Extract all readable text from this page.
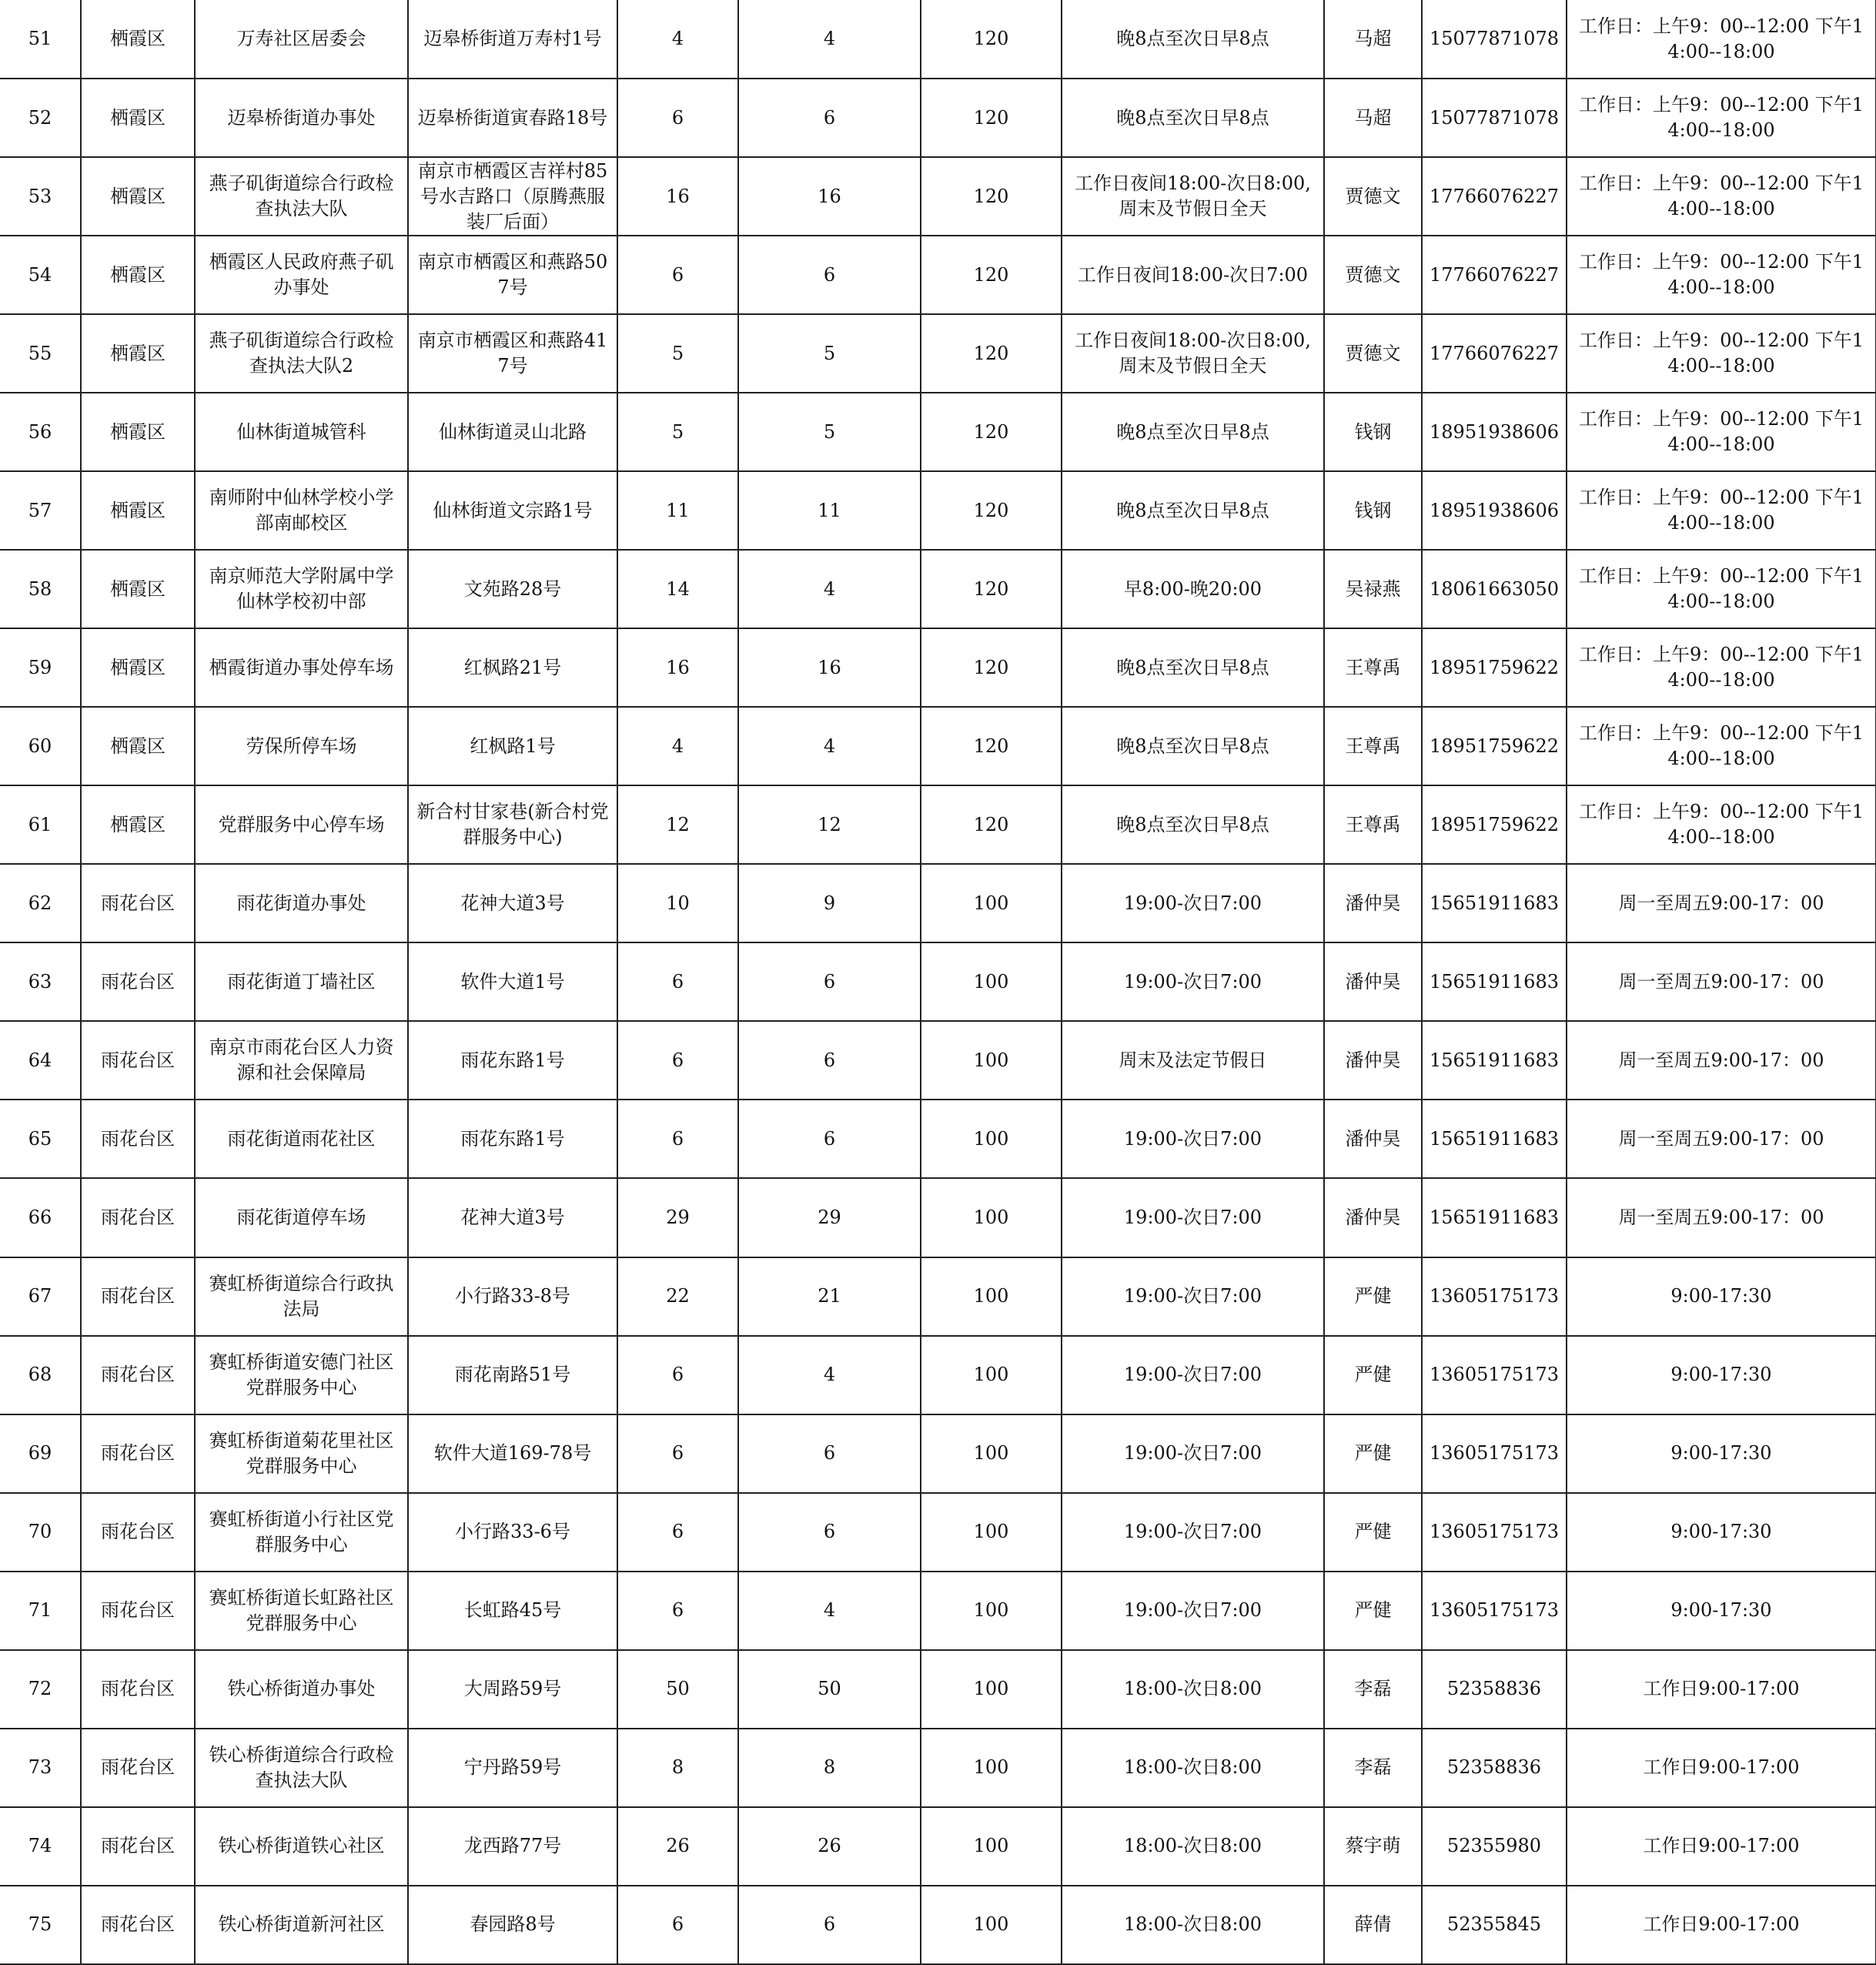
51	栖霞区	万寿社区居委会	迈皋桥街道万寿村1号	4	4	120	晚8点至次日早8点	马超	15077871078	工作日：上午9：00--12:00 下午14:00--18:00
52	栖霞区	迈皋桥街道办事处	迈皋桥街道寅春路18号	6	6	120	晚8点至次日早8点	马超	15077871078	工作日：上午9：00--12:00 下午14:00--18:00
53	栖霞区	燕子矶街道综合行政检查执法大队	南京市栖霞区吉祥村85号水吉路口（原腾燕服装厂后面）	16	16	120	工作日夜间18:00-次日8:00,周末及节假日全天	贾德文	17766076227	工作日：上午9：00--12:00 下午14:00--18:00
54	栖霞区	栖霞区人民政府燕子矶办事处	南京市栖霞区和燕路507号	6	6	120	工作日夜间18:00-次日7:00	贾德文	17766076227	工作日：上午9：00--12:00 下午14:00--18:00
55	栖霞区	燕子矶街道综合行政检查执法大队2	南京市栖霞区和燕路417号	5	5	120	工作日夜间18:00-次日8:00,周末及节假日全天	贾德文	17766076227	工作日：上午9：00--12:00 下午14:00--18:00
56	栖霞区	仙林街道城管科	仙林街道灵山北路	5	5	120	晚8点至次日早8点	钱钢	18951938606	工作日：上午9：00--12:00 下午14:00--18:00
57	栖霞区	南师附中仙林学校小学部南邮校区	仙林街道文宗路1号	11	11	120	晚8点至次日早8点	钱钢	18951938606	工作日：上午9：00--12:00 下午14:00--18:00
58	栖霞区	南京师范大学附属中学仙林学校初中部	文苑路28号	14	4	120	早8:00-晚20:00	吴禄燕	18061663050	工作日：上午9：00--12:00 下午14:00--18:00
59	栖霞区	栖霞街道办事处停车场	红枫路21号	16	16	120	晚8点至次日早8点	王尊禹	18951759622	工作日：上午9：00--12:00 下午14:00--18:00
60	栖霞区	劳保所停车场	红枫路1号	4	4	120	晚8点至次日早8点	王尊禹	18951759622	工作日：上午9：00--12:00 下午14:00--18:00
61	栖霞区	党群服务中心停车场	新合村甘家巷(新合村党群服务中心)	12	12	120	晚8点至次日早8点	王尊禹	18951759622	工作日：上午9：00--12:00 下午14:00--18:00
62	雨花台区	雨花街道办事处	花神大道3号	10	9	100	19:00-次日7:00	潘仲昊	15651911683	周一至周五9:00-17：00
63	雨花台区	雨花街道丁墙社区	软件大道1号	6	6	100	19:00-次日7:00	潘仲昊	15651911683	周一至周五9:00-17：00
64	雨花台区	南京市雨花台区人力资源和社会保障局	雨花东路1号	6	6	100	周末及法定节假日	潘仲昊	15651911683	周一至周五9:00-17：00
65	雨花台区	雨花街道雨花社区	雨花东路1号	6	6	100	19:00-次日7:00	潘仲昊	15651911683	周一至周五9:00-17：00
66	雨花台区	雨花街道停车场	花神大道3号	29	29	100	19:00-次日7:00	潘仲昊	15651911683	周一至周五9:00-17：00
67	雨花台区	赛虹桥街道综合行政执法局	小行路33-8号	22	21	100	19:00-次日7:00	严健	13605175173	9:00-17:30
68	雨花台区	赛虹桥街道安德门社区党群服务中心	雨花南路51号	6	4	100	19:00-次日7:00	严健	13605175173	9:00-17:30
69	雨花台区	赛虹桥街道菊花里社区党群服务中心	软件大道169-78号	6	6	100	19:00-次日7:00	严健	13605175173	9:00-17:30
70	雨花台区	赛虹桥街道小行社区党群服务中心	小行路33-6号	6	6	100	19:00-次日7:00	严健	13605175173	9:00-17:30
71	雨花台区	赛虹桥街道长虹路社区党群服务中心	长虹路45号	6	4	100	19:00-次日7:00	严健	13605175173	9:00-17:30
72	雨花台区	铁心桥街道办事处	大周路59号	50	50	100	18:00-次日8:00	李磊	52358836	工作日9:00-17:00
73	雨花台区	铁心桥街道综合行政检查执法大队	宁丹路59号	8	8	100	18:00-次日8:00	李磊	52358836	工作日9:00-17:00
74	雨花台区	铁心桥街道铁心社区	龙西路77号	26	26	100	18:00-次日8:00	蔡宇萌	52355980	工作日9:00-17:00
75	雨花台区	铁心桥街道新河社区	春园路8号	6	6	100	18:00-次日8:00	薛倩	52355845	工作日9:00-17:00
